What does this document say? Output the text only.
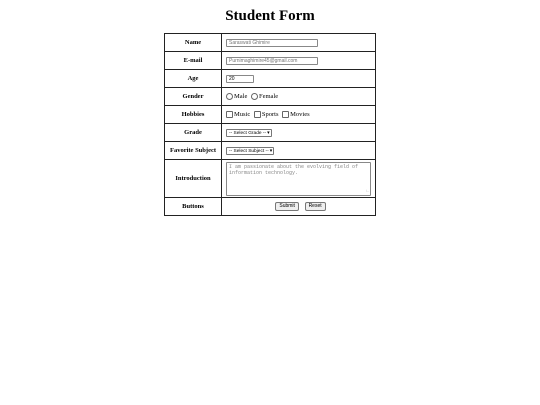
Student Form
Name	Saraswati Ghimire
E-mail	Purnimaghimire45@gmail.com
Age	20
Gender	Male Female
Hobbies	Music Sports Movies
Grade	-- Select Grade --▾
Favorite Subject	-- Select Subject --▾
Introduction	I am passionate about the evolving field of information technology.
∟

Buttons	Submit Reset
